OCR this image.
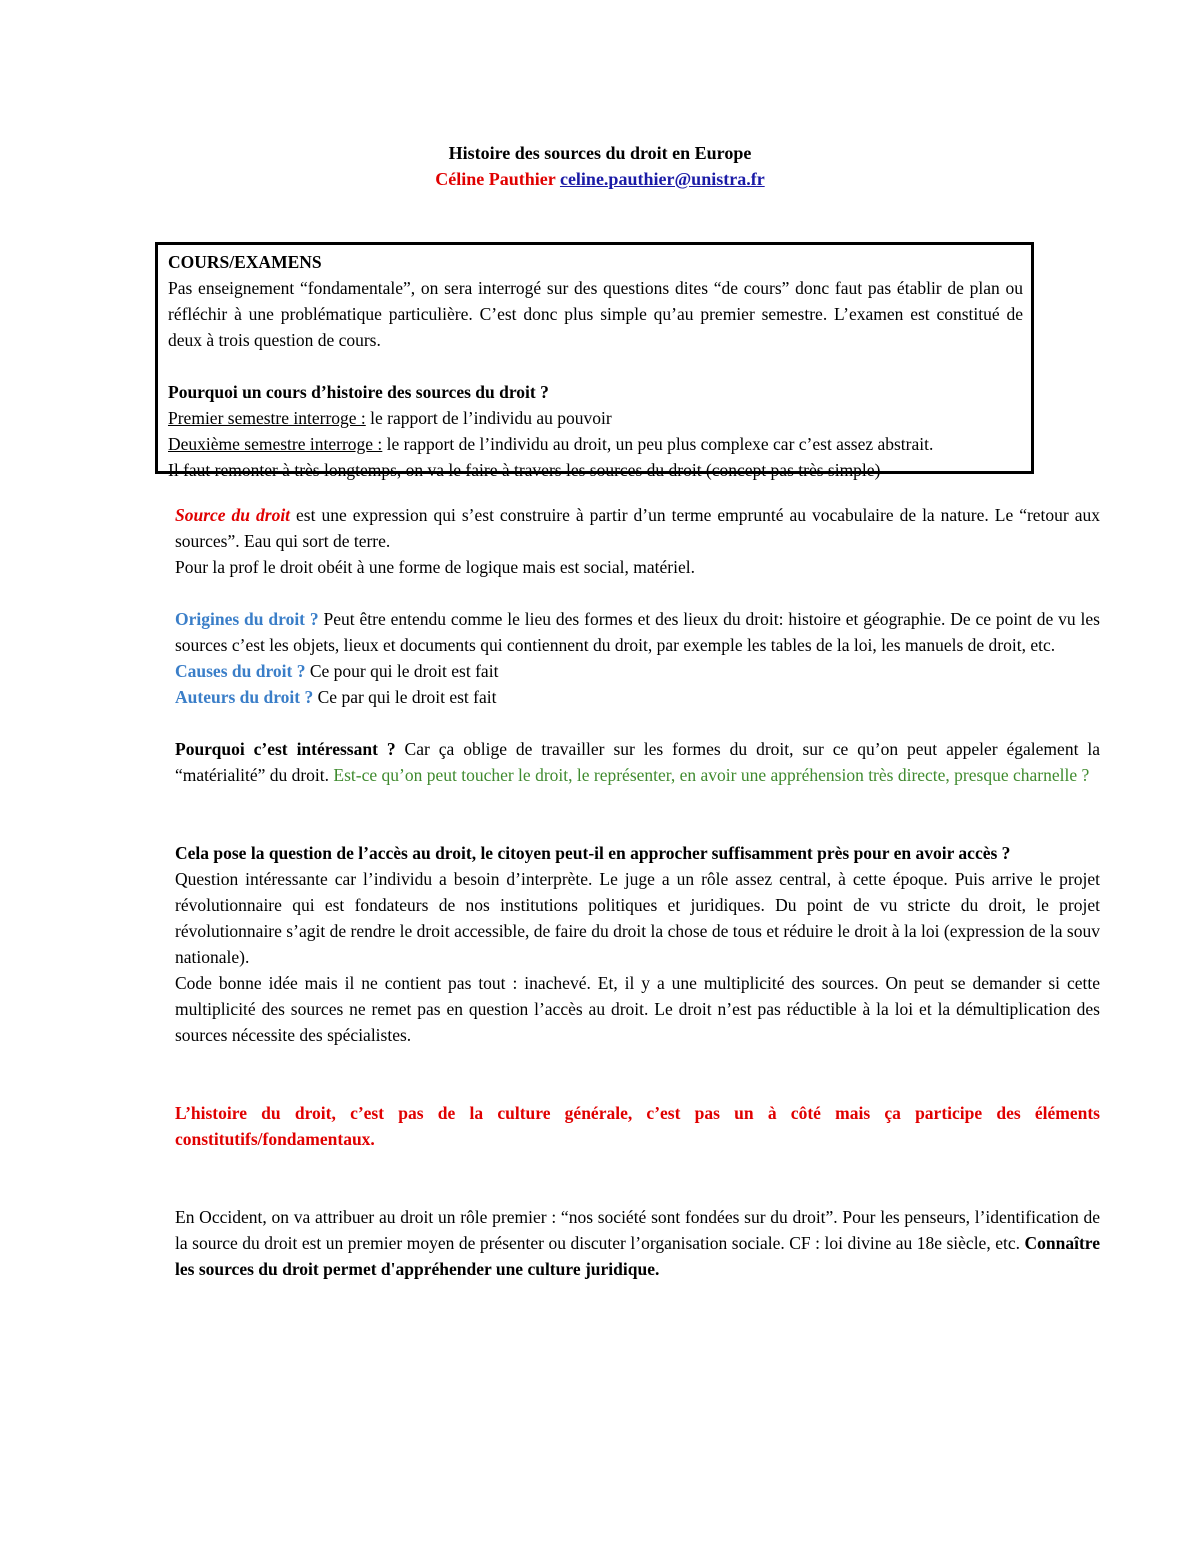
Histoire des sources du droit en Europe
Céline Pauthier celine.pauthier@unistra.fr

COURS/EXAMENS

Pas enseignement “fondamentale”, on sera interrogé sur des questions dites “de cours” donc faut pas établir de plan ou réfléchir à une problématique particulière. C’est donc plus simple qu’au premier semestre. L’examen est constitué de deux à trois question de cours.

Pourquoi un cours d’histoire des sources du droit ?

Premier semestre interroge : le rapport de l’individu au pouvoir

Deuxième semestre interroge : le rapport de l’individu au droit, un peu plus complexe car c’est assez abstrait.

Il faut remonter à très longtemps, on va le faire à travers les sources du droit (concept pas très simple)

Source du droit est une expression qui s’est construire à partir d’un terme emprunté au vocabulaire de la nature. Le “retour aux sources”. Eau qui sort de terre.

Pour la prof le droit obéit à une forme de logique mais est social, matériel.

Origines du droit ? Peut être entendu comme le lieu des formes et des lieux du droit: histoire et géographie. De ce point de vu les sources c’est les objets, lieux et documents qui contiennent du droit, par exemple les tables de la loi, les manuels de droit, etc.

Causes du droit ? Ce pour qui le droit est fait

Auteurs du droit ? Ce par qui le droit est fait

Pourquoi c’est intéressant ? Car ça oblige de travailler sur les formes du droit, sur ce qu’on peut appeler également la “matérialité” du droit. Est-ce qu’on peut toucher le droit, le représenter, en avoir une appréhension très directe, presque charnelle ?

Cela pose la question de l’accès au droit, le citoyen peut-il en approcher suffisamment près pour en avoir accès ?

Question intéressante car l’individu a besoin d’interprète. Le juge a un rôle assez central, à cette époque. Puis arrive le projet révolutionnaire qui est fondateurs de nos institutions politiques et juridiques. Du point de vu stricte du droit, le projet révolutionnaire s’agit de rendre le droit accessible, de faire du droit la chose de tous et réduire le droit à la loi (expression de la souv nationale).

Code bonne idée mais il ne contient pas tout : inachevé. Et, il y a une multiplicité des sources. On peut se demander si cette multiplicité des sources ne remet pas en question l’accès au droit. Le droit n’est pas réductible à la loi et la démultiplication des sources nécessite des spécialistes.

L’histoire du droit, c’est pas de la culture générale, c’est pas un à côté mais ça participe des éléments constitutifs/fondamentaux.

En Occident, on va attribuer au droit un rôle premier : “nos société sont fondées sur du droit”. Pour les penseurs, l’identification de la source du droit est un premier moyen de présenter ou discuter l’organisation sociale. CF : loi divine au 18e siècle, etc. Connaître les sources du droit permet d'appréhender une culture juridique.
